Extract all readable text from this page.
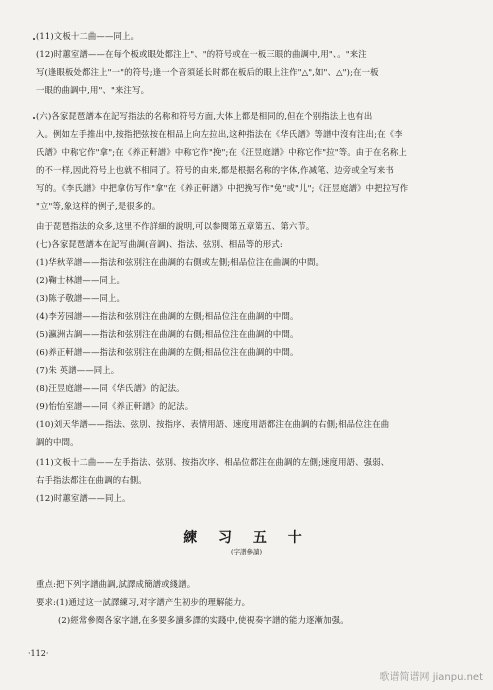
(11)文板十二曲——同上。
(12)时蕙室譜——在每个板或眼处都注上"、"的符号或在一板三眼的曲調中,用"、。"来注
写(逢眼板处都注上"一"的符号;逢一个音須延长时都在板后的眼上注作"△",如"、△");在一板
一眼的曲調中,用"、"来注写。
(六)各家琵琶譜本在記写指法的名称和符号方面,大体上都是相同的,但在个别指法上也有出
入。例如左手推出中,按指把弦按在相品上向左拉出,这种指法在《华氏譜》等譜中沒有注出;在《李
氏譜》中称它作"拿";在《养正軒譜》中称它作"挽";在《汪昱庭譜》中称它作"拉"等。由于在名称上
的不一样,因此符号上也就不相同了。符号的由来,都是根据名称的字体,作减笔、边旁或全写来书
写的。《李氏譜》中把拿仿写作"拿"在《养正軒譜》中把挽写作"免"或"儿";《汪昱庭譜》中把拉写作
"立"等,象这样的例子,是很多的。
由于琵琶指法的众多,这里不作詳細的說明,可以参閱第五章第五、第六节。
(七)各家琵琶譜本在記写曲調(音調)、指法、弦別、相品等的形式:
(1)华秋苹譜——指法和弦別注在曲調的右側或左側;相品位注在曲調的中間。
(2)鞠士林譜——同上。
(3)陈子敬譜——同上。
(4)李芳园譜——指法和弦別注在曲調的左側;相品位注在曲調的中間。
(5)瀛洲古調——指法和弦別注在曲調的右側;相品位注在曲調的中間。
(6)养正軒譜——指法和弦別注在曲調的左側;相品位注在曲調的中間。
(7)朱 英譜——同上。
(8)汪昱庭譜——同《华氏譜》的記法。
(9)怡怡室譜——同《养正軒譜》的記法。
(10)刘天华譜——指法、弦別、按指序、表情用語、速度用語都注在曲調的右側;相品位注在曲
調的中間。
(11)文板十二曲——左手指法、弦別、按指次序、相品位都注在曲調的左側;速度用語、强弱、
右手指法都注在曲調的右側。
(12)时蕙室譜——同上。
練 习 五 十
(字譜參讀)
重点:把下列字譜曲調,試譯成簡譜或綫譜。
要求:(1)通过这一試譯練习,对字譜产生初步的理解能力。
(2)經常參閱各家字譜,在多要多讀多譯的实踐中,使視奏字譜的能力逐漸加强。
·112·
歌谱简谱网 jianpu.net
